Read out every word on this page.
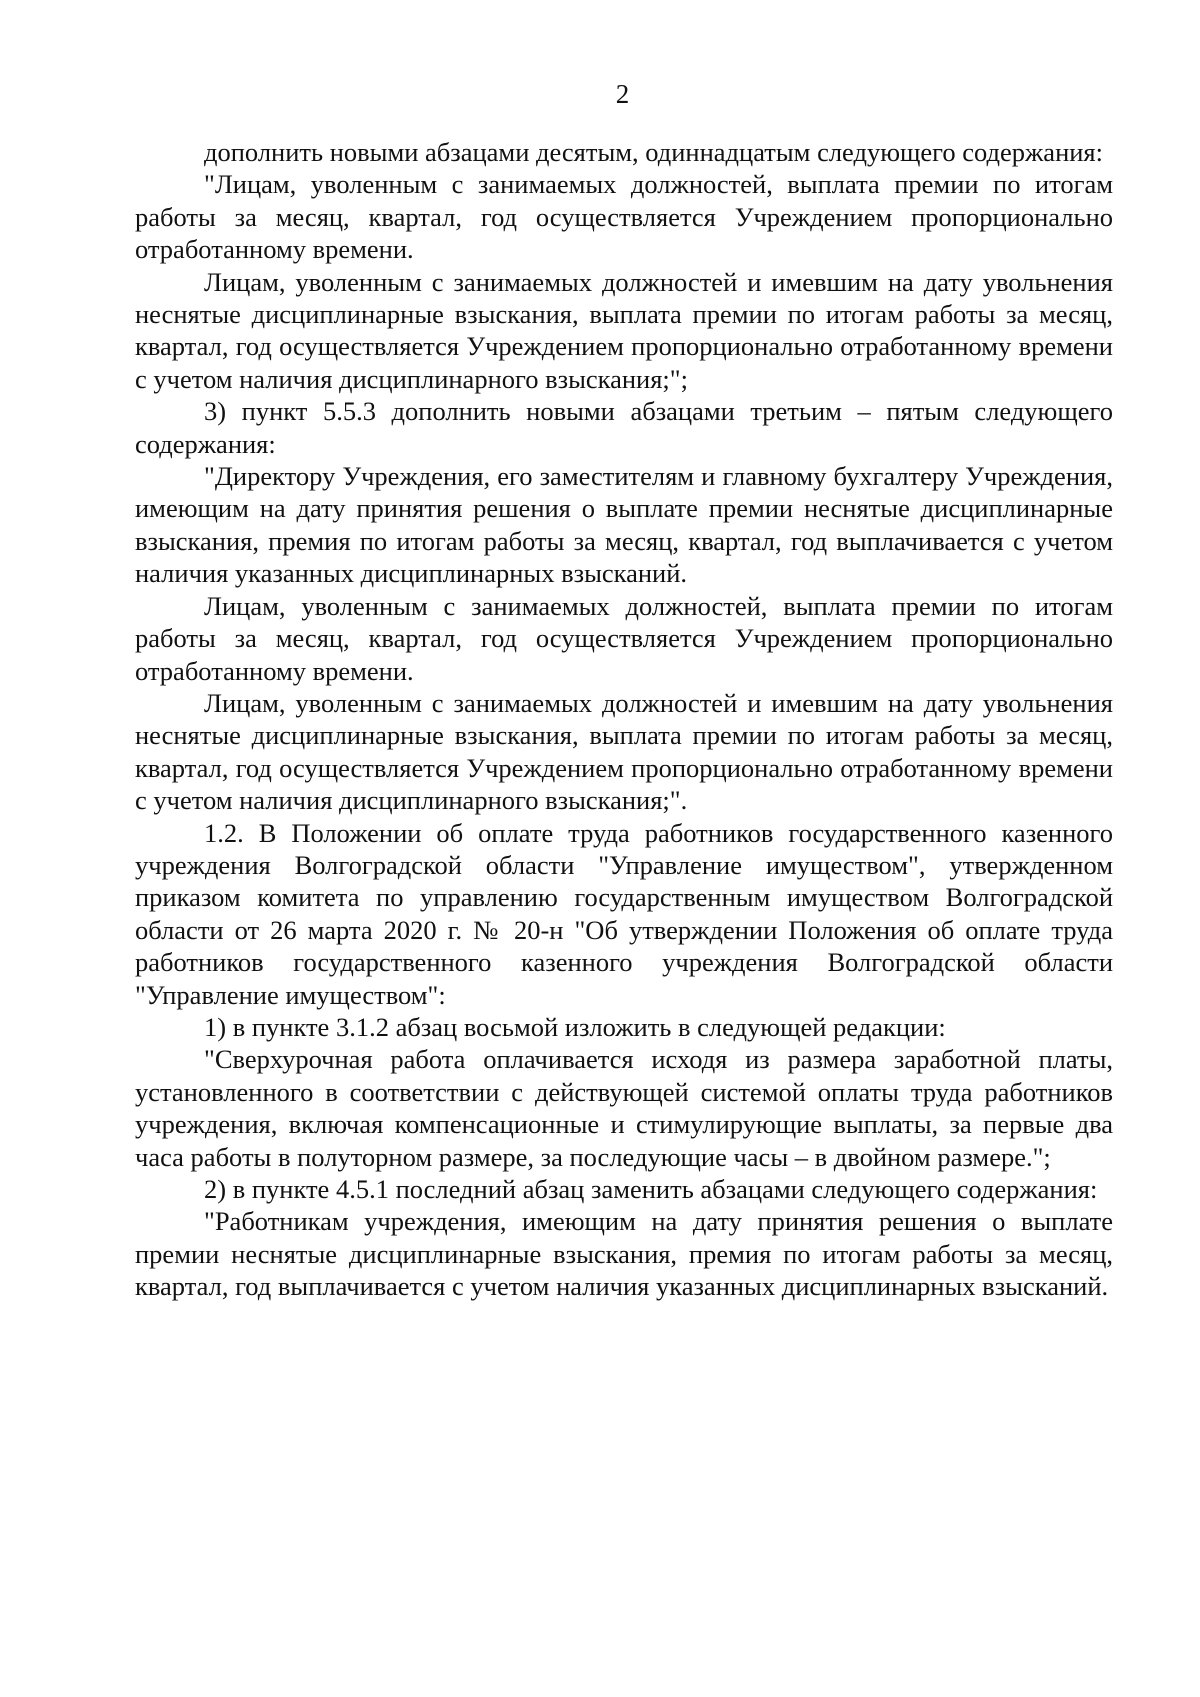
2

дополнить новыми абзацами десятым, одиннадцатым следующего содержания:

"Лицам, уволенным с занимаемых должностей, выплата премии по итогам работы за месяц, квартал, год осуществляется Учреждением пропорционально отработанному времени.

Лицам, уволенным с занимаемых должностей и имевшим на дату увольнения неснятые дисциплинарные взыскания, выплата премии по итогам работы за месяц, квартал, год осуществляется Учреждением пропорционально отработанному времени с учетом наличия дисциплинарного взыскания;";

3) пункт 5.5.3 дополнить новыми абзацами третьим – пятым следующего содержания:

"Директору Учреждения, его заместителям и главному бухгалтеру Учреждения, имеющим на дату принятия решения о выплате премии неснятые дисциплинарные взыскания, премия по итогам работы за месяц, квартал, год выплачивается с учетом наличия указанных дисциплинарных взысканий.

Лицам, уволенным с занимаемых должностей, выплата премии по итогам работы за месяц, квартал, год осуществляется Учреждением пропорционально отработанному времени.

Лицам, уволенным с занимаемых должностей и имевшим на дату увольнения неснятые дисциплинарные взыскания, выплата премии по итогам работы за месяц, квартал, год осуществляется Учреждением пропорционально отработанному времени с учетом наличия дисциплинарного взыскания;".

1.2. В Положении об оплате труда работников государственного казенного учреждения Волгоградской области "Управление имуществом", утвержденном приказом комитета по управлению государственным имуществом Волгоградской области от 26 марта 2020 г. № 20-н "Об утверждении Положения об оплате труда работников государственного казенного учреждения Волгоградской области "Управление имуществом":

1) в пункте 3.1.2 абзац восьмой изложить в следующей редакции:

"Сверхурочная работа оплачивается исходя из размера заработной платы, установленного в соответствии с действующей системой оплаты труда работников учреждения, включая компенсационные и стимулирующие выплаты, за первые два часа работы в полуторном размере, за последующие часы – в двойном размере.";

2) в пункте 4.5.1 последний абзац заменить абзацами следующего содержания:

"Работникам учреждения, имеющим на дату принятия решения о выплате премии неснятые дисциплинарные взыскания, премия по итогам работы за месяц, квартал, год выплачивается с учетом наличия указанных дисциплинарных взысканий.
